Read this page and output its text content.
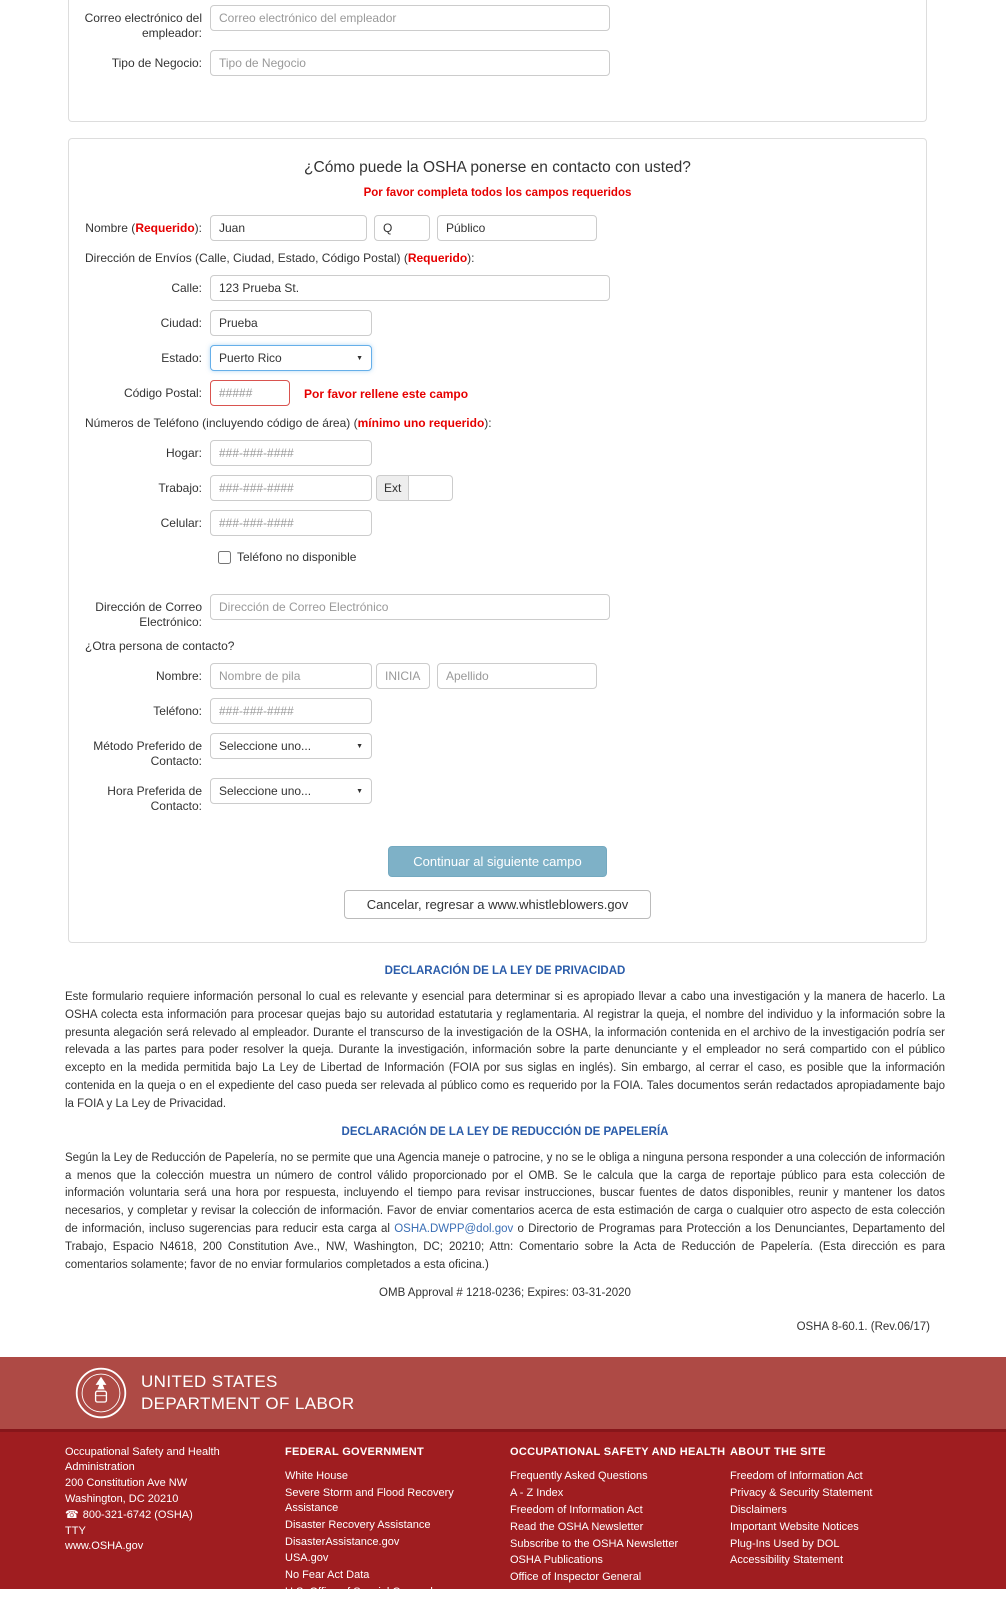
Correo electrónico del empleador:
Correo electrónico del empleador
Tipo de Negocio:
Tipo de Negocio
¿Cómo puede la OSHA ponerse en contacto con usted?
Por favor completa todos los campos requeridos
Nombre (Requerido):
Juan
Q
Público
Dirección de Envíos (Calle, Ciudad, Estado, Código Postal) (Requerido):
Calle:
123 Prueba St.
Ciudad:
Prueba
Estado: Puerto Rico	▼
Código Postal:
#####	Por favor rellene este campo
Números de Teléfono (incluyendo código de área) (mínimo uno requerido):
Hogar:
###-###-####
Trabajo:
###-###-####	Ext
Celular:
###-###-####
Teléfono no disponible
Dirección de Correo Electrónico:
Dirección de Correo Electrónico
¿Otra persona de contacto?
Nombre:
Nombre de pila
INICIAL
Apellido
Teléfono:
###-###-####
Método Preferido de Contacto:
Seleccione uno...	▼
Hora Preferida de Contacto:
Seleccione uno...	▼
Continuar al siguiente campo
Cancelar, regresar a www.whistleblowers.gov
DECLARACIÓN DE LA LEY DE PRIVACIDAD
Este formulario requiere información personal lo cual es relevante y esencial para determinar si es apropiado llevar a cabo una investigación y la manera de hacerlo. La OSHA colecta esta información para procesar quejas bajo su autoridad estatutaria y reglamentaria. Al registrar la queja, el nombre del individuo y la información sobre la presunta alegación será relevado al empleador. Durante el transcurso de la investigación de la OSHA, la información contenida en el archivo de la investigación podría ser relevada a las partes para poder resolver la queja. Durante la investigación, información sobre la parte denunciante y el empleador no será compartido con el público excepto en la medida permitida bajo La Ley de Libertad de Información (FOIA por sus siglas en inglés). Sin embargo, al cerrar el caso, es posible que la información contenida en la queja o en el expediente del caso pueda ser relevada al público como es requerido por la FOIA. Tales documentos serán redactados apropiadamente bajo la FOIA y La Ley de Privacidad.
DECLARACIÓN DE LA LEY DE REDUCCIÓN DE PAPELERÍA
Según la Ley de Reducción de Papelería, no se permite que una Agencia maneje o patrocine, y no se le obliga a ninguna persona responder a una colección de información a menos que la colección muestra un número de control válido proporcionado por el OMB. Se le calcula que la carga de reportaje público para esta colección de información voluntaria será una hora por respuesta, incluyendo el tiempo para revisar instrucciones, buscar fuentes de datos disponibles, reunir y mantener los datos necesarios, y completar y revisar la colección de información. Favor de enviar comentarios acerca de esta estimación de carga o cualquier otro aspecto de esta colección de información, incluso sugerencias para reducir esta carga al OSHA.DWPP@dol.gov o Directorio de Programas para Protección a los Denunciantes, Departamento del Trabajo, Espacio N4618, 200 Constitution Ave., NW, Washington, DC; 20210; Attn: Comentario sobre la Acta de Reducción de Papelería. (Esta dirección es para comentarios solamente; favor de no enviar formularios completados a esta oficina.)
OMB Approval # 1218-0236; Expires: 03-31-2020
OSHA 8-60.1. (Rev.06/17)
UNITED STATES
DEPARTMENT OF LABOR
Occupational Safety and Health Administration
200 Constitution Ave NW
Washington, DC 20210
☎ 800-321-6742 (OSHA)
TTY
www.OSHA.gov
FEDERAL GOVERNMENT
White House
Severe Storm and Flood Recovery Assistance
Disaster Recovery Assistance
DisasterAssistance.gov
USA.gov
No Fear Act Data
U.S. Office of Special Counsel
OCCUPATIONAL SAFETY AND HEALTH
Frequently Asked Questions
A - Z Index
Freedom of Information Act
Read the OSHA Newsletter
Subscribe to the OSHA Newsletter
OSHA Publications
Office of Inspector General
ABOUT THE SITE
Freedom of Information Act
Privacy & Security Statement
Disclaimers
Important Website Notices
Plug-Ins Used by DOL
Accessibility Statement
